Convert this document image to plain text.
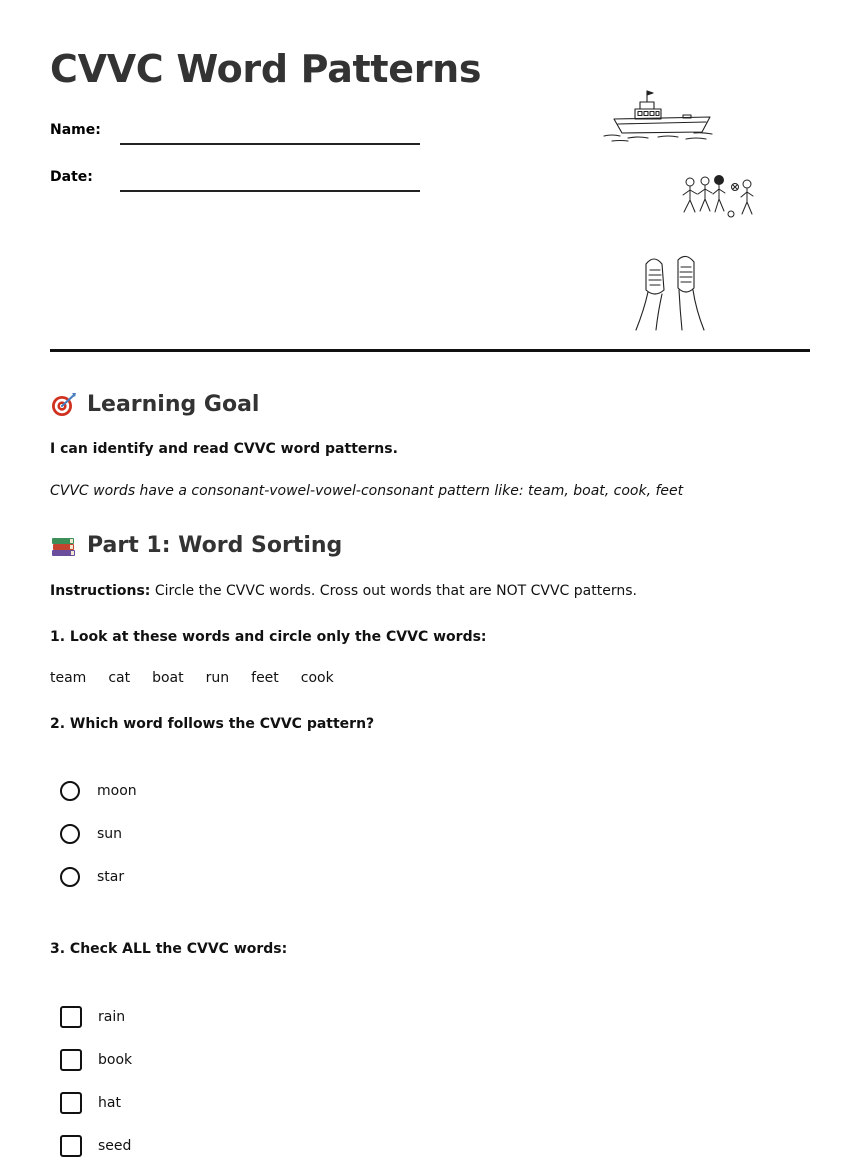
CVVC Word Patterns
Name:
Date:
Learning Goal
I can identify and read CVVC word patterns.
CVVC words have a consonant-vowel-vowel-consonant pattern like: team, boat, cook, feet
Part 1: Word Sorting
Instructions: Circle the CVVC words. Cross out words that are NOT CVVC patterns.
1. Look at these words and circle only the CVVC words:
team cat boat run feet cook
2. Which word follows the CVVC pattern?
moon
sun
star
3. Check ALL the CVVC words:
rain
book
hat
seed
